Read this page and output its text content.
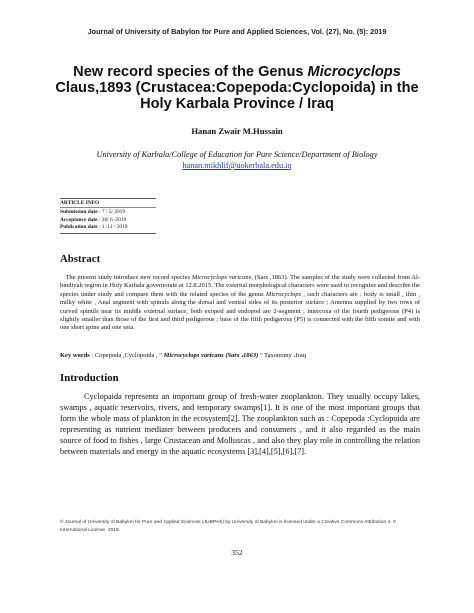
Journal of University of Babylon for Pure and Applied Sciences, Vol. (27), No. (5): 2019
New record species of the Genus Microcyclops Claus,1893 (Crustacea:Copepoda:Cyclopoida) in the Holy Karbala Province / Iraq
Hanan Zwair M.Hussain
University of Karbala/College of Education for Pure Science/Department of Biology
hanan.mikhlif@uokerbala.edu.iq
ARTICLE INFO
Submission date : 7 / 5/ 2019
Acceptance date : 26/ 6 /2019
Publication date : 1 /11 / 2019
Abstract
The present study introduce new record species Microcyclops varicans, (Sars ,1863). The samples of the study were collected from Al-hindiyah region in Holy Karbala governorate at 12.8.2015. The external morphological characters were used to recognize and describe the species under study and compare them with the related species of the genus Microcyclops , such characters are : body is small , thin , milky white , Anal segment with spinuls along the dorsal and ventral sides of its posterior surface ; Antenna supplied by two rows of curved spinuls near its middle external surface, both exopod and endopod are 2-segment ; intercoxa of the fourth pedigerous (P4) is slightly smaller than those of the first and third pedigerous ; base of the fifth pedigerous (P5) is connected with the fifth somite and with one short spine and one seta.
Key words : Copepoda ,Cyclopoida , " Microcyclops varicans (Sars ،1863) " Taxonomy ،Iraq
Introduction
Cyclopaida represents an important group of fresh-water zooplankton. They usually occupy lakes, swamps , aquatic reservoirs, rivers, and temporary swamps[1]. It is one of the most important groups that form the whole mass of plankton in the ecosystem[2]. The zooplankton such as : Copepoda :Cyclopoida are representing as nutrient mediater between producers and consumers , and it also regarded as the main source of food to fishes , large Crustacean and Molluscas , and also they play role in controlling the relation between materials and energy in the aquatic ecosystems [3],[4],[5],[6],[7].
© Journal of University of Babylon for Pure and Applied Sciences (JUBPAS) by University of Babylon is licensed under a Creative Commons Attribution 4. 0 International License, 2019.
352
